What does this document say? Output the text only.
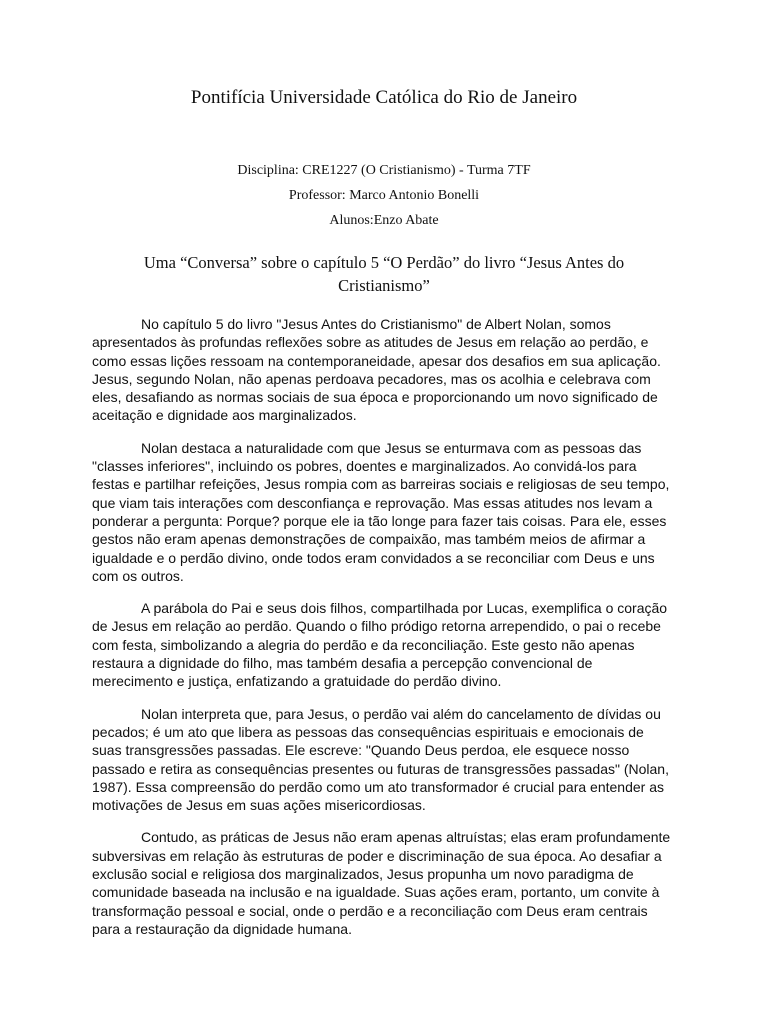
Pontifícia Universidade Católica do Rio de Janeiro

Disciplina: CRE1227 (O Cristianismo) - Turma 7TF

Professor: Marco Antonio Bonelli

Alunos:Enzo Abate

Uma “Conversa” sobre o capítulo 5 “O Perdão” do livro “Jesus Antes do Cristianismo”

No capítulo 5 do livro "Jesus Antes do Cristianismo" de Albert Nolan, somos apresentados às profundas reflexões sobre as atitudes de Jesus em relação ao perdão, e como essas lições ressoam na contemporaneidade, apesar dos desafios em sua aplicação. Jesus, segundo Nolan, não apenas perdoava pecadores, mas os acolhia e celebrava com eles, desafiando as normas sociais de sua época e proporcionando um novo significado de aceitação e dignidade aos marginalizados.

Nolan destaca a naturalidade com que Jesus se enturmava com as pessoas das "classes inferiores", incluindo os pobres, doentes e marginalizados. Ao convidá-los para festas e partilhar refeições, Jesus rompia com as barreiras sociais e religiosas de seu tempo, que viam tais interações com desconfiança e reprovação. Mas essas atitudes nos levam a ponderar a pergunta: Porque? porque ele ia tão longe para fazer tais coisas. Para ele, esses gestos não eram apenas demonstrações de compaixão, mas também meios de afirmar a igualdade e o perdão divino, onde todos eram convidados a se reconciliar com Deus e uns com os outros.

A parábola do Pai e seus dois filhos, compartilhada por Lucas, exemplifica o coração de Jesus em relação ao perdão. Quando o filho pródigo retorna arrependido, o pai o recebe com festa, simbolizando a alegria do perdão e da reconciliação. Este gesto não apenas restaura a dignidade do filho, mas também desafia a percepção convencional de merecimento e justiça, enfatizando a gratuidade do perdão divino.

Nolan interpreta que, para Jesus, o perdão vai além do cancelamento de dívidas ou pecados; é um ato que libera as pessoas das consequências espirituais e emocionais de suas transgressões passadas. Ele escreve: "Quando Deus perdoa, ele esquece nosso passado e retira as consequências presentes ou futuras de transgressões passadas" (Nolan, 1987). Essa compreensão do perdão como um ato transformador é crucial para entender as motivações de Jesus em suas ações misericordiosas.

Contudo, as práticas de Jesus não eram apenas altruístas; elas eram profundamente subversivas em relação às estruturas de poder e discriminação de sua época. Ao desafiar a exclusão social e religiosa dos marginalizados, Jesus propunha um novo paradigma de comunidade baseada na inclusão e na igualdade. Suas ações eram, portanto, um convite à transformação pessoal e social, onde o perdão e a reconciliação com Deus eram centrais para a restauração da dignidade humana.
